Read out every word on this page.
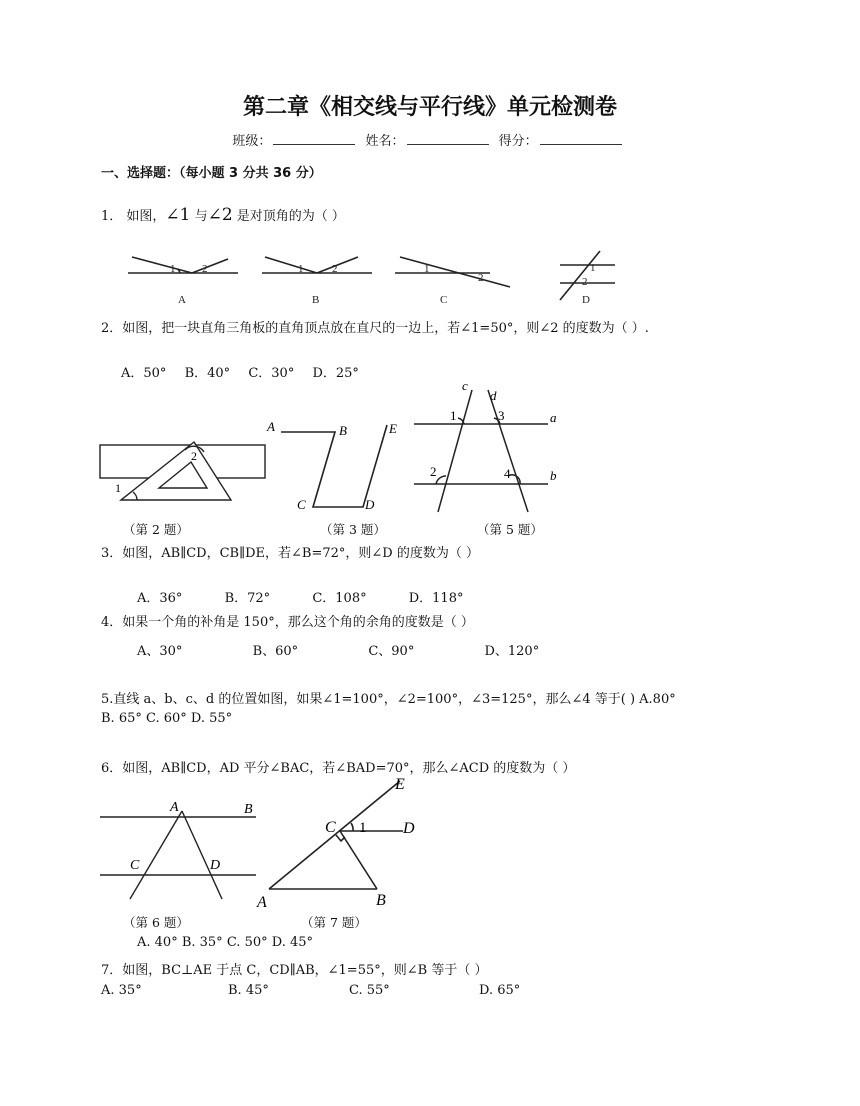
第二章《相交线与平行线》单元检测卷
班级：	姓名：	得分：
一、选择题：（每小题 3 分共 36 分）
1． 如图，∠1 与∠2 是对顶角的为（ ）
1 2	1	2	1
2
1
2
A	B	C	D
2．如图，把一块直角三角板的直角顶点放在直尺的一边上，若∠1=50°，则∠2 的度数为（ ）.
A．50° B．40° C．30° D．25°
2
1
A	B
C	D
E
c
d
1	3	a
2	4	b
（第 2 题）	（第 3 题）	（第 5 题）
3．如图，AB∥CD，CB∥DE，若∠B=72°，则∠D 的度数为（ ）
A．36°	B．72°	C．108°	D．118°
4．如果一个角的补角是 150°，那么这个角的余角的度数是（ ）
A、30°	B、60°	C、90°	D、120°
5.直线 a、b、c、d 的位置如图，如果∠1=100°，∠2=100°，∠3=125°，那么∠4 等于( ) A.80°
B. 65° C. 60° D. 55°
6．如图，AB∥CD，AD 平分∠BAC，若∠BAD=70°，那么∠ACD 的度数为（ ）
A	B
C	D
E
C 1 D
A	B
（第 6 题）	（第 7 题）
A. 40° B. 35° C. 50° D. 45°
7．如图，BC⊥AE 于点 C，CD∥AB，∠1=55°，则∠B 等于（ ）
A. 35°	B. 45°	C. 55°	D. 65°
